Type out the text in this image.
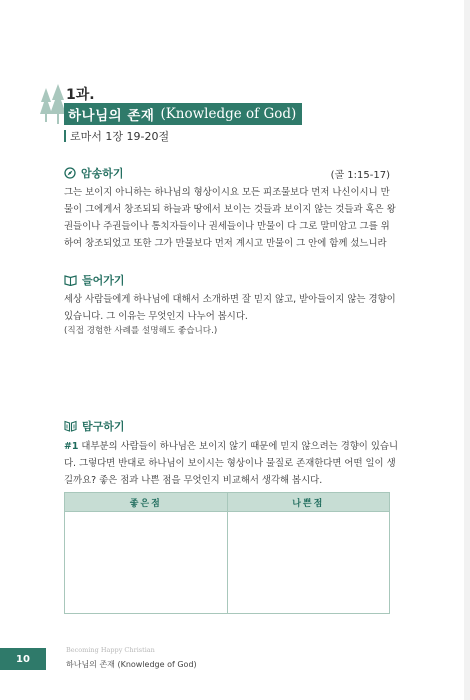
1과.
하나님의 존재 (Knowledge of God)
로마서 1장 19-20절
암송하기	(골 1:15-17)
그는 보이지 아니하는 하나님의 형상이시요 모든 피조물보다 먼저 나신이시니 만
물이 그에게서 창조되되 하늘과 땅에서 보이는 것들과 보이지 않는 것들과 혹은 왕
권들이나 주권들이나 통치자들이나 권세들이나 만물이 다 그로 말미암고 그를 위
하여 창조되었고 또한 그가 만물보다 먼저 계시고 만물이 그 안에 함께 섰느니라
들어가기
세상 사람들에게 하나님에 대해서 소개하면 잘 믿지 않고, 받아들이지 않는 경향이
있습니다. 그 이유는 무엇인지 나누어 봅시다.
(직접 경험한 사례를 설명해도 좋습니다.)
탐구하기
#1 대부분의 사람들이 하나님은 보이지 않기 때문에 믿지 않으려는 경향이 있습니
다. 그렇다면 반대로 하나님이 보이시는 형상이나 물질로 존재한다면 어떤 일이 생
길까요? 좋은 점과 나쁜 점을 무엇인지 비교해서 생각해 봅시다.
좋은점	나쁜점

10
Becoming Happy Christian
하나님의 존재 (Knowledge of God)
